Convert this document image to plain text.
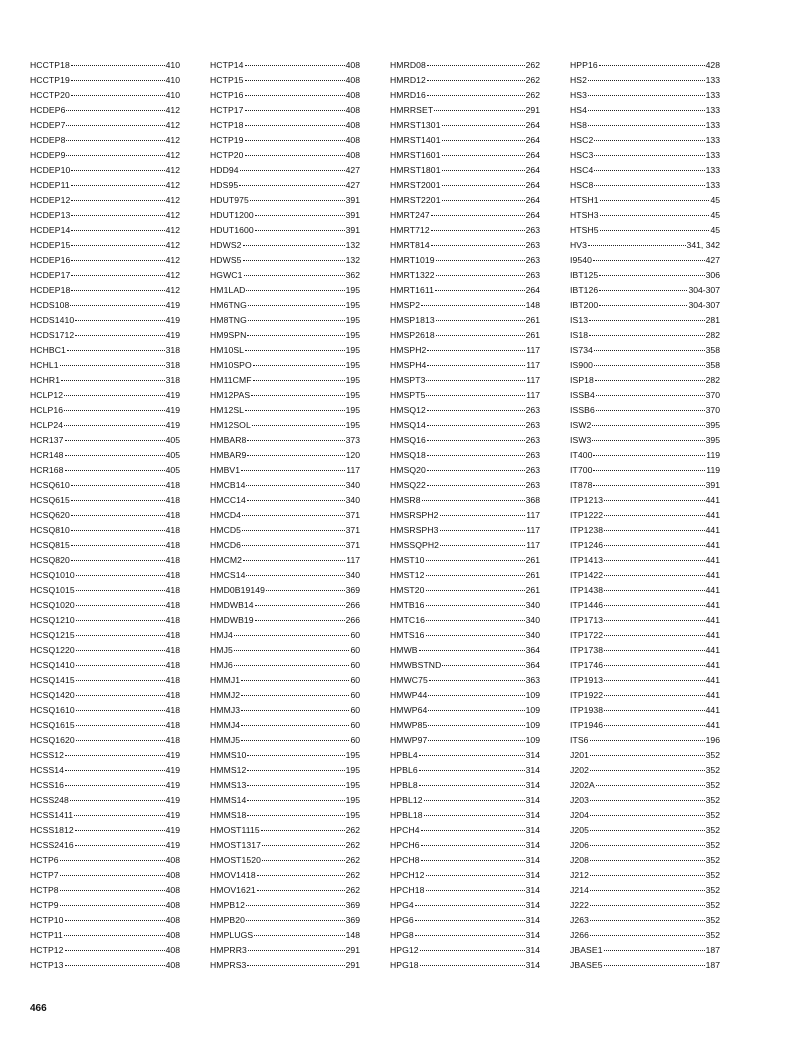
HCCTP18	410
HCCTP19	410
HCCTP20	410
HCDEP6	412
HCDEP7	412
HCDEP8	412
HCDEP9	412
HCDEP10	412
HCDEP11	412
HCDEP12	412
HCDEP13	412
HCDEP14	412
HCDEP15	412
HCDEP16	412
HCDEP17	412
HCDEP18	412
HCDS108	419
HCDS1410	419
HCDS1712	419
HCHBC1	318
HCHL1	318
HCHR1	318
HCLP12	419
HCLP16	419
HCLP24	419
HCR137	405
HCR148	405
HCR168	405
HCSQ610	418
HCSQ615	418
HCSQ620	418
HCSQ810	418
HCSQ815	418
HCSQ820	418
HCSQ1010	418
HCSQ1015	418
HCSQ1020	418
HCSQ1210	418
HCSQ1215	418
HCSQ1220	418
HCSQ1410	418
HCSQ1415	418
HCSQ1420	418
HCSQ1610	418
HCSQ1615	418
HCSQ1620	418
HCSS12	419
HCSS14	419
HCSS16	419
HCSS248	419
HCSS1411	419
HCSS1812	419
HCSS2416	419
HCTP6	408
HCTP7	408
HCTP8	408
HCTP9	408
HCTP10	408
HCTP11	408
HCTP12	408
HCTP13	408
HCTP14	408
HCTP15	408
HCTP16	408
HCTP17	408
HCTP18	408
HCTP19	408
HCTP20	408
HDD94	427
HDS95	427
HDUT975	391
HDUT1200	391
HDUT1600	391
HDWS2	132
HDWS5	132
HGWC1	362
HM1LAD	195
HM6TNG	195
HM8TNG	195
HM9SPN	195
HM10SL	195
HM10SPO	195
HM11CMF	195
HM12PAS	195
HM12SL	195
HM12SOL	195
HMBAR8	373
HMBAR9	120
HMBV1	117
HMCB14	340
HMCC14	340
HMCD4	371
HMCD5	371
HMCD6	371
HMCM2	117
HMCS14	340
HMD0B19149	369
HMDWB14	266
HMDWB19	266
HMJ4	60
HMJ5	60
HMJ6	60
HMMJ1	60
HMMJ2	60
HMMJ3	60
HMMJ4	60
HMMJ5	60
HMMS10	195
HMMS12	195
HMMS13	195
HMMS14	195
HMMS18	195
HMOST1115	262
HMOST1317	262
HMOST1520	262
HMOV1418	262
HMOV1621	262
HMPB12	369
HMPB20	369
HMPLUGS	148
HMPRR3	291
HMPRS3	291
HMRD08	262
HMRD12	262
HMRD16	262
HMRRSET	291
HMRST1301	264
HMRST1401	264
HMRST1601	264
HMRST1801	264
HMRST2001	264
HMRST2201	264
HMRT247	264
HMRT712	263
HMRT814	263
HMRT1019	263
HMRT1322	263
HMRT1611	264
HMSP2	148
HMSP1813	261
HMSP2618	261
HMSPH2	117
HMSPH4	117
HMSPT3	117
HMSPT5	117
HMSQ12	263
HMSQ14	263
HMSQ16	263
HMSQ18	263
HMSQ20	263
HMSQ22	263
HMSR8	368
HMSRSPH2	117
HMSRSPH3	117
HMSSQPH2	117
HMST10	261
HMST12	261
HMST20	261
HMTB16	340
HMTC16	340
HMTS16	340
HMWB	364
HMWBSTND	364
HMWC75	363
HMWP44	109
HMWP64	109
HMWP85	109
HMWP97	109
HPBL4	314
HPBL6	314
HPBL8	314
HPBL12	314
HPBL18	314
HPCH4	314
HPCH6	314
HPCH8	314
HPCH12	314
HPCH18	314
HPG4	314
HPG6	314
HPG8	314
HPG12	314
HPG18	314
HPP16	428
HS2	133
HS3	133
HS4	133
HS8	133
HSC2	133
HSC3	133
HSC4	133
HSC8	133
HTSH1	45
HTSH3	45
HTSH5	45
HV3	341, 342
I9540	427
IBT125	306
IBT126	304-307
IBT200	304-307
IS13	281
IS18	282
IS734	358
IS900	358
ISP18	282
ISSB4	370
ISSB6	370
ISW2	395
ISW3	395
IT400	119
IT700	119
IT878	391
ITP1213	441
ITP1222	441
ITP1238	441
ITP1246	441
ITP1413	441
ITP1422	441
ITP1438	441
ITP1446	441
ITP1713	441
ITP1722	441
ITP1738	441
ITP1746	441
ITP1913	441
ITP1922	441
ITP1938	441
ITP1946	441
ITS6	196
J201	352
J202	352
J202A	352
J203	352
J204	352
J205	352
J206	352
J208	352
J212	352
J214	352
J222	352
J263	352
J266	352
JBASE1	187
JBASE5	187
466
